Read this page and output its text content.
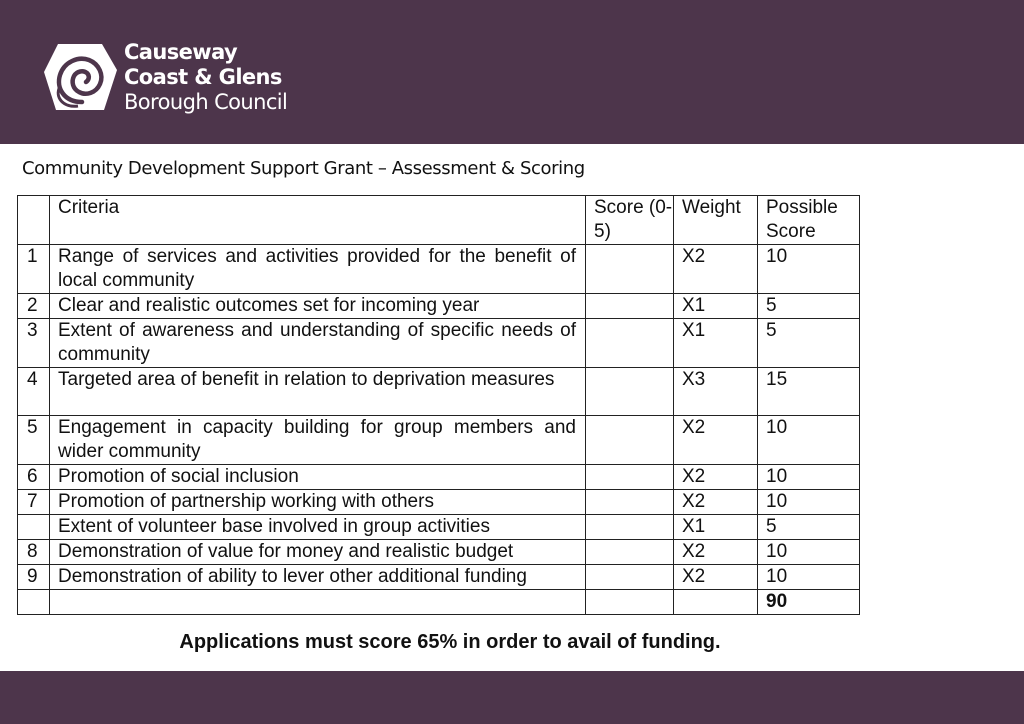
Causeway
Coast & Glens
Borough Council
Community Development Support Grant – Assessment & Scoring
	Criteria	Score (0-5)	Weight	Possible Score
1	Range of services and activities provided for the benefit of local community		X2	10
2	Clear and realistic outcomes set for incoming year		X1	5
3	Extent of awareness and understanding of specific needs of community		X1	5
4	Targeted area of benefit in relation to deprivation measures		X3	15
5	Engagement in capacity building for group members and wider community		X2	10
6	Promotion of social inclusion		X2	10
7	Promotion of partnership working with others		X2	10
	Extent of volunteer base involved in group activities		X1	5
8	Demonstration of value for money and realistic budget		X2	10
9	Demonstration of ability to lever other additional funding		X2	10
				90
Applications must score 65% in order to avail of funding.
